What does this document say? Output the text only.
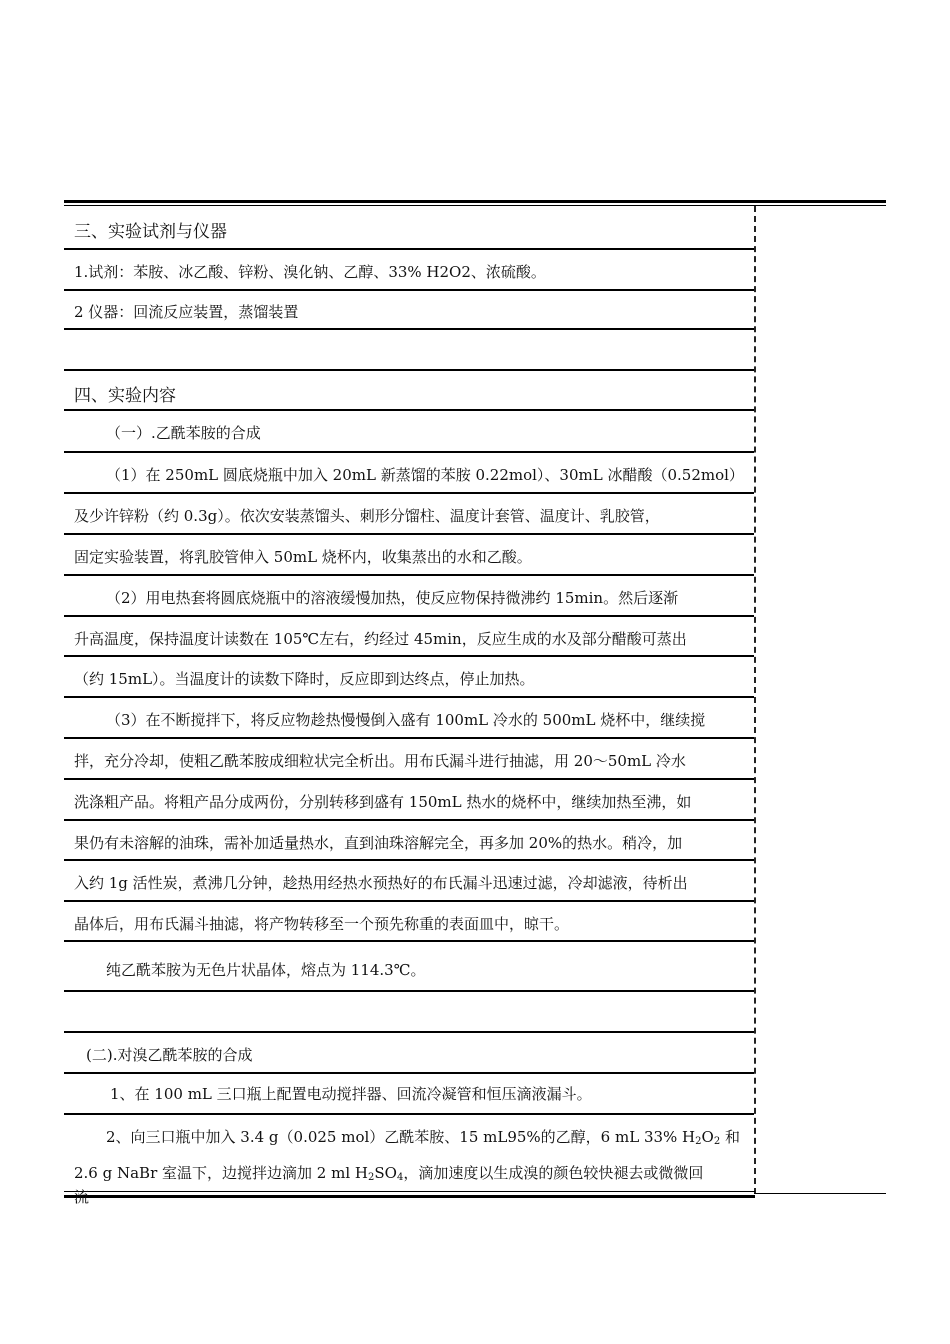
三、实验试剂与仪器
1.试剂：苯胺、冰乙酸、锌粉、溴化钠、乙醇、33% H2O2、浓硫酸。
2 仪器：回流反应装置，蒸馏装置
四、实验内容
（一）.乙酰苯胺的合成
（1）在 250mL 圆底烧瓶中加入 20mL 新蒸馏的苯胺 0.22mol）、30mL 冰醋酸（0.52mol）
及少许锌粉（约 0.3g）。依次安装蒸馏头、刺形分馏柱、温度计套管、温度计、乳胶管，
固定实验装置，将乳胶管伸入 50mL 烧杯内，收集蒸出的水和乙酸。
（2）用电热套将圆底烧瓶中的溶液缓慢加热，使反应物保持微沸约 15min。然后逐渐
升高温度，保持温度计读数在 105℃左右，约经过 45min，反应生成的水及部分醋酸可蒸出
（约 15mL）。当温度计的读数下降时，反应即到达终点，停止加热。
（3）在不断搅拌下，将反应物趁热慢慢倒入盛有 100mL 冷水的 500mL 烧杯中，继续搅
拌，充分冷却，使粗乙酰苯胺成细粒状完全析出。用布氏漏斗进行抽滤，用 20～50mL 冷水
洗涤粗产品。将粗产品分成两份，分别转移到盛有 150mL 热水的烧杯中，继续加热至沸，如
果仍有未溶解的油珠，需补加适量热水，直到油珠溶解完全，再多加 20%的热水。稍冷，加
入约 1g 活性炭，煮沸几分钟，趁热用经热水预热好的布氏漏斗迅速过滤，冷却滤液，待析出
晶体后，用布氏漏斗抽滤，将产物转移至一个预先称重的表面皿中，晾干。
纯乙酰苯胺为无色片状晶体，熔点为 114.3℃。
(二).对溴乙酰苯胺的合成
1、在 100 mL 三口瓶上配置电动搅拌器、回流冷凝管和恒压滴液漏斗。
2、向三口瓶中加入 3.4 g（0.025 mol）乙酰苯胺、15 mL95%的乙醇，6 mL 33% $H_2O_2$ 和
2.6 g NaBr 室温下，边搅拌边滴加 2 ml $H_2SO_4$，滴加速度以生成溴的颜色较快褪去或微微回
流
